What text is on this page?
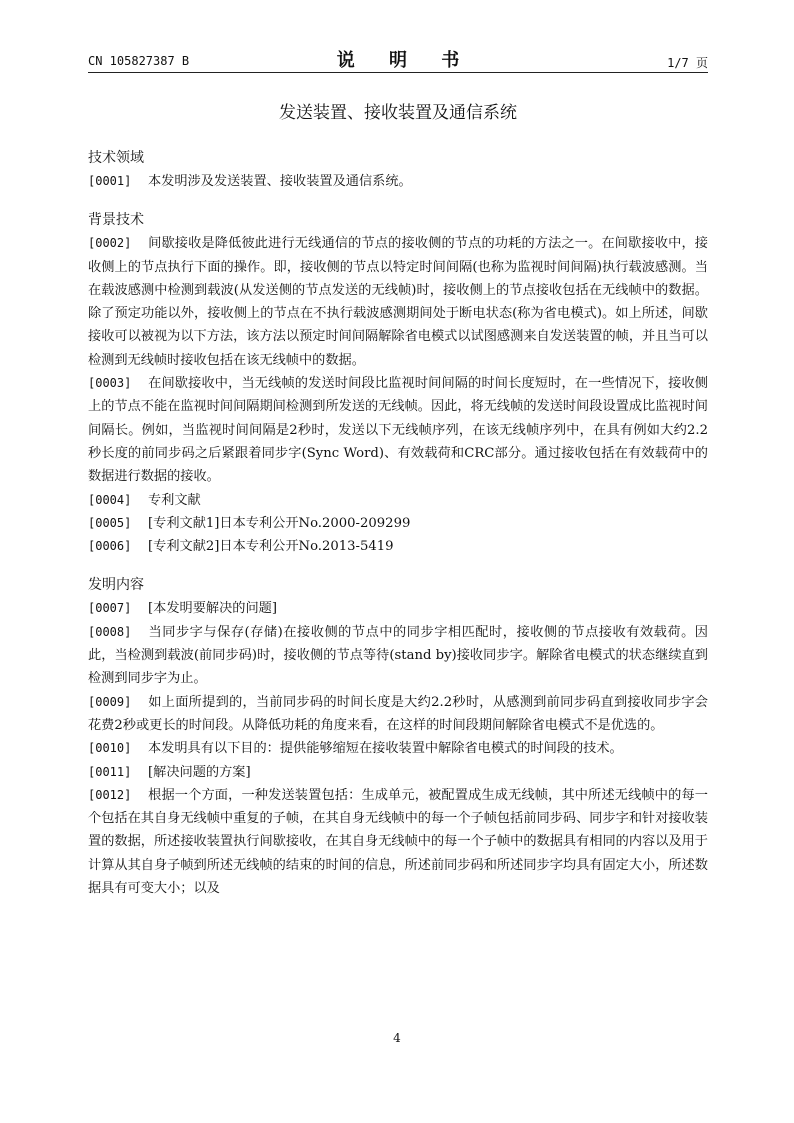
CN 105827387 B	说 明 书	1/7 页
发送装置、接收装置及通信系统

技术领域

[0001] 本发明涉及发送装置、接收装置及通信系统。

背景技术

[0002] 间歇接收是降低彼此进行无线通信的节点的接收侧的节点的功耗的方法之一。在间歇接收中，接收侧上的节点执行下面的操作。即，接收侧的节点以特定时间间隔(也称为监视时间间隔)执行载波感测。当在载波感测中检测到载波(从发送侧的节点发送的无线帧)时，接收侧上的节点接收包括在无线帧中的数据。除了预定功能以外，接收侧上的节点在不执行载波感测期间处于断电状态(称为省电模式)。如上所述，间歇接收可以被视为以下方法，该方法以预定时间间隔解除省电模式以试图感测来自发送装置的帧，并且当可以检测到无线帧时接收包括在该无线帧中的数据。

[0003] 在间歇接收中，当无线帧的发送时间段比监视时间间隔的时间长度短时，在一些情况下，接收侧上的节点不能在监视时间间隔期间检测到所发送的无线帧。因此，将无线帧的发送时间段设置成比监视时间间隔长。例如，当监视时间间隔是2秒时，发送以下无线帧序列，在该无线帧序列中，在具有例如大约2.2秒长度的前同步码之后紧跟着同步字(Sync Word)、有效载荷和CRC部分。通过接收包括在有效载荷中的数据进行数据的接收。

[0004] 专利文献

[0005] [专利文献1]日本专利公开No.2000-209299

[0006] [专利文献2]日本专利公开No.2013-5419

发明内容

[0007] [本发明要解决的问题]

[0008] 当同步字与保存(存储)在接收侧的节点中的同步字相匹配时，接收侧的节点接收有效载荷。因此，当检测到载波(前同步码)时，接收侧的节点等待(stand by)接收同步字。解除省电模式的状态继续直到检测到同步字为止。

[0009] 如上面所提到的，当前同步码的时间长度是大约2.2秒时，从感测到前同步码直到接收同步字会花费2秒或更长的时间段。从降低功耗的角度来看，在这样的时间段期间解除省电模式不是优选的。

[0010] 本发明具有以下目的：提供能够缩短在接收装置中解除省电模式的时间段的技术。

[0011] [解决问题的方案]

[0012] 根据一个方面，一种发送装置包括：生成单元，被配置成生成无线帧，其中所述无线帧中的每一个包括在其自身无线帧中重复的子帧，在其自身无线帧中的每一个子帧包括前同步码、同步字和针对接收装置的数据，所述接收装置执行间歇接收，在其自身无线帧中的每一个子帧中的数据具有相同的内容以及用于计算从其自身子帧到所述无线帧的结束的时间的信息，所述前同步码和所述同步字均具有固定大小，所述数据具有可变大小；以及

4
